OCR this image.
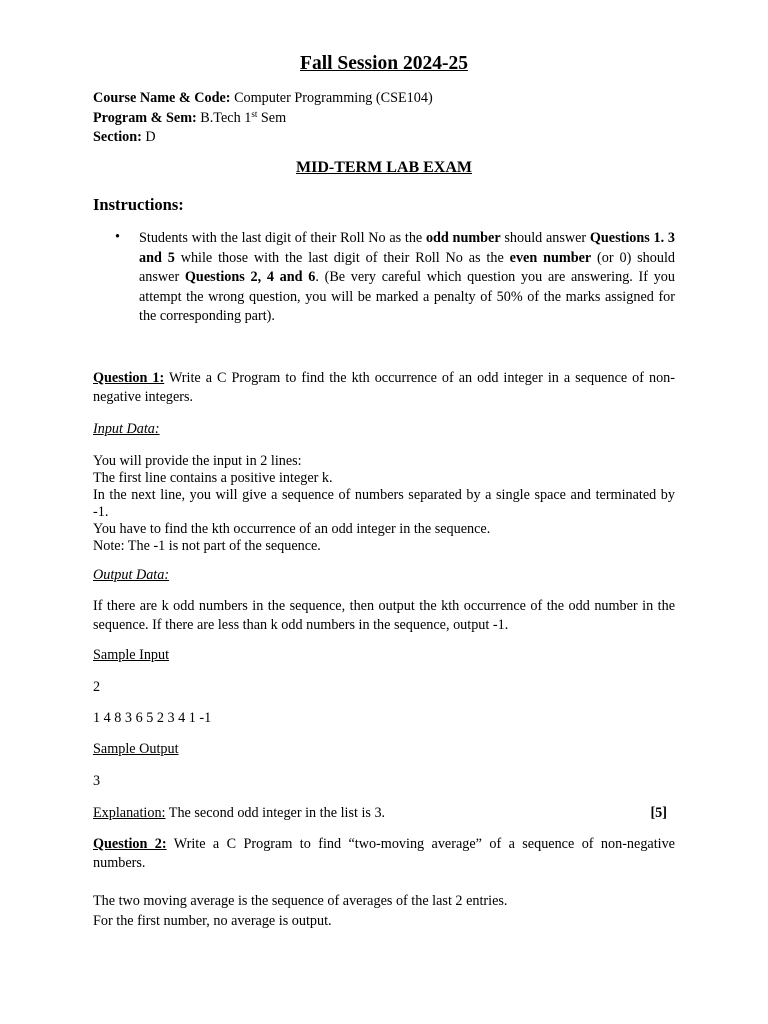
Fall Session 2024-25
Course Name & Code: Computer Programming (CSE104)
Program & Sem: B.Tech 1st Sem
Section: D
MID-TERM LAB EXAM
Instructions:
• Students with the last digit of their Roll No as the odd number should answer Questions 1. 3 and 5 while those with the last digit of their Roll No as the even number (or 0) should answer Questions 2, 4 and 6. (Be very careful which question you are answering. If you attempt the wrong question, you will be marked a penalty of 50% of the marks assigned for the corresponding part).
Question 1: Write a C Program to find the kth occurrence of an odd integer in a sequence of non-negative integers.
Input Data:
You will provide the input in 2 lines:
The first line contains a positive integer k.
In the next line, you will give a sequence of numbers separated by a single space and terminated by -1.
You have to find the kth occurrence of an odd integer in the sequence.
Note: The -1 is not part of the sequence.
Output Data:
If there are k odd numbers in the sequence, then output the kth occurrence of the odd number in the sequence. If there are less than k odd numbers in the sequence, output -1.
Sample Input
2
1 4 8 3 6 5 2 3 4 1 -1
Sample Output
3
Explanation: The second odd integer in the list is 3.	[5]
Question 2: Write a C Program to find “two-moving average” of a sequence of non-negative numbers.
The two moving average is the sequence of averages of the last 2 entries.
For the first number, no average is output.
